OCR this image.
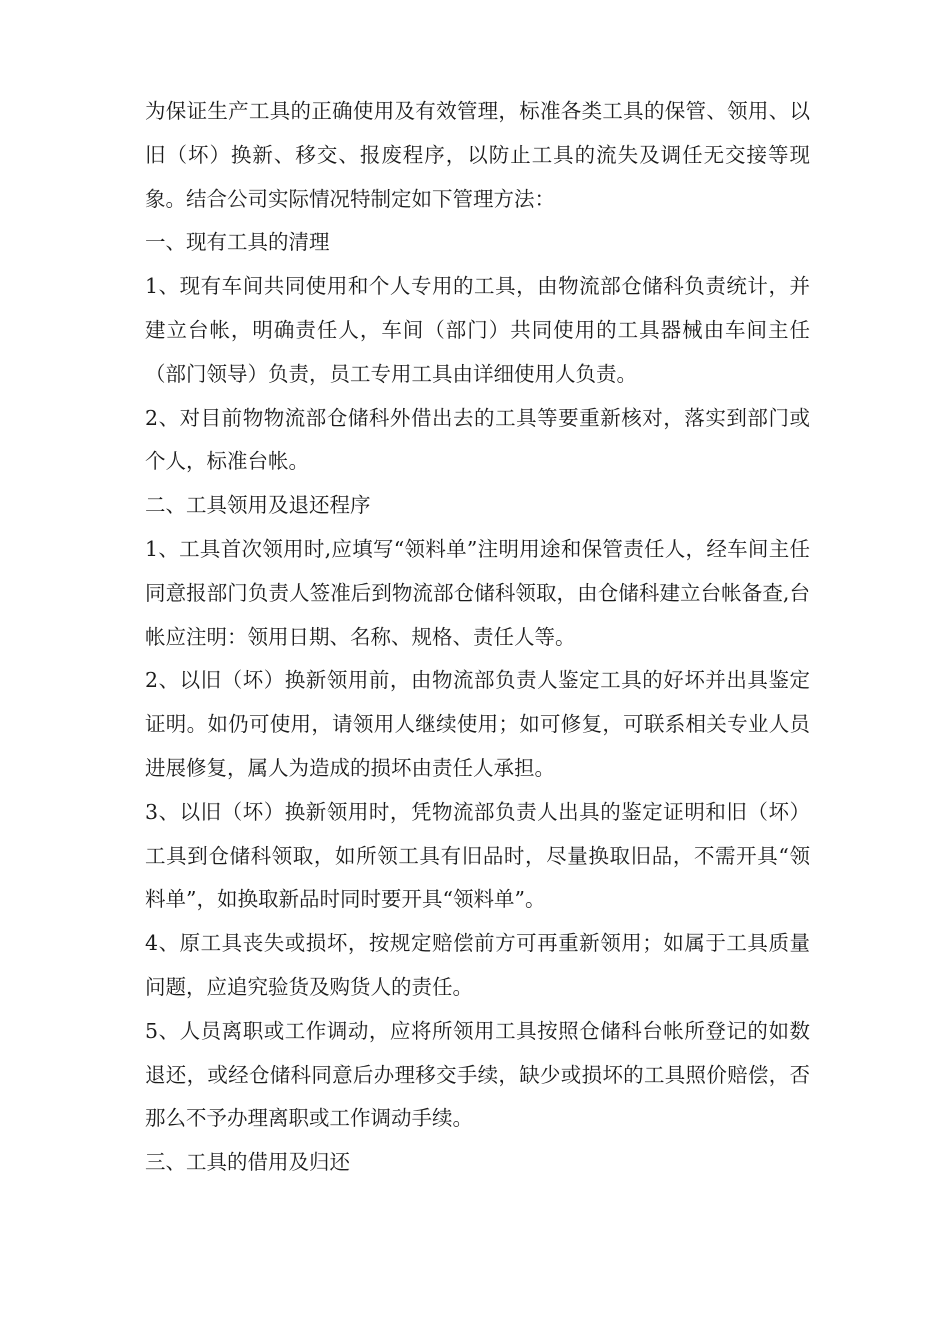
为保证生产工具的正确使用及有效管理，标准各类工具的保管、领用、以旧（坏）换新、移交、报废程序，以防止工具的流失及调任无交接等现象。结合公司实际情况特制定如下管理方法：

一、现有工具的清理

1、现有车间共同使用和个人专用的工具，由物流部仓储科负责统计，并建立台帐，明确责任人，车间（部门）共同使用的工具器械由车间主任（部门领导）负责，员工专用工具由详细使用人负责。

2、对目前物物流部仓储科外借出去的工具等要重新核对，落实到部门或个人，标准台帐。

二、工具领用及退还程序

1、工具首次领用时,应填写“领料单”注明用途和保管责任人，经车间主任同意报部门负责人签准后到物流部仓储科领取，由仓储科建立台帐备查,台帐应注明：领用日期、名称、规格、责任人等。

2、以旧（坏）换新领用前，由物流部负责人鉴定工具的好坏并出具鉴定证明。如仍可使用，请领用人继续使用；如可修复，可联系相关专业人员进展修复，属人为造成的损坏由责任人承担。

3、以旧（坏）换新领用时，凭物流部负责人出具的鉴定证明和旧（坏）工具到仓储科领取，如所领工具有旧品时，尽量换取旧品，不需开具“领料单”，如换取新品时同时要开具“领料单”。

4、原工具丧失或损坏，按规定赔偿前方可再重新领用；如属于工具质量问题，应追究验货及购货人的责任。

5、人员离职或工作调动，应将所领用工具按照仓储科台帐所登记的如数退还，或经仓储科同意后办理移交手续，缺少或损坏的工具照价赔偿，否那么不予办理离职或工作调动手续。

三、工具的借用及归还
